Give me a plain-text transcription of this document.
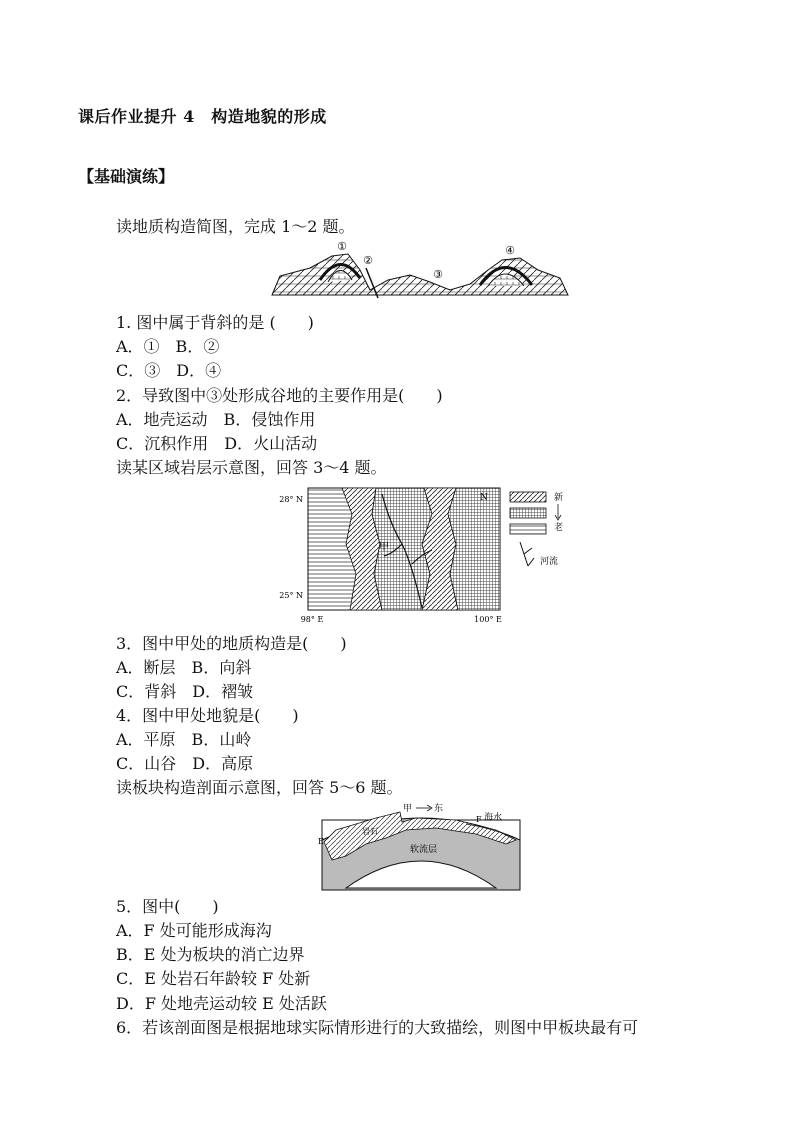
课后作业提升 4　构造地貌的形成
【基础演练】
读地质构造简图，完成 1～2 题。
①
②
③
④
1. 图中属于背斜的是 (　　)
A．①　B．②
C．③　D．④
2．导致图中③处形成谷地的主要作用是(　　)
A．地壳运动　B．侵蚀作用
C．沉积作用　D．火山活动
读某区域岩层示意图，回答 3～4 题。
28° N
25° N
98° E	100° E
N
甲
新
老
河流
3．图中甲处的地质构造是(　　)
A．断层　B．向斜
C．背斜　D．褶皱
4．图中甲处地貌是(　　)
A．平原　B．山岭
C．山谷　D．高原
读板块构造剖面示意图，回答 5～6 题。
甲 东
海水
F
E
岩石
软流层
5．图中(　　)
A．F 处可能形成海沟
B．E 处为板块的消亡边界
C．E 处岩石年龄较 F 处新
D．F 处地壳运动较 E 处活跃
6．若该剖面图是根据地球实际情形进行的大致描绘，则图中甲板块最有可
